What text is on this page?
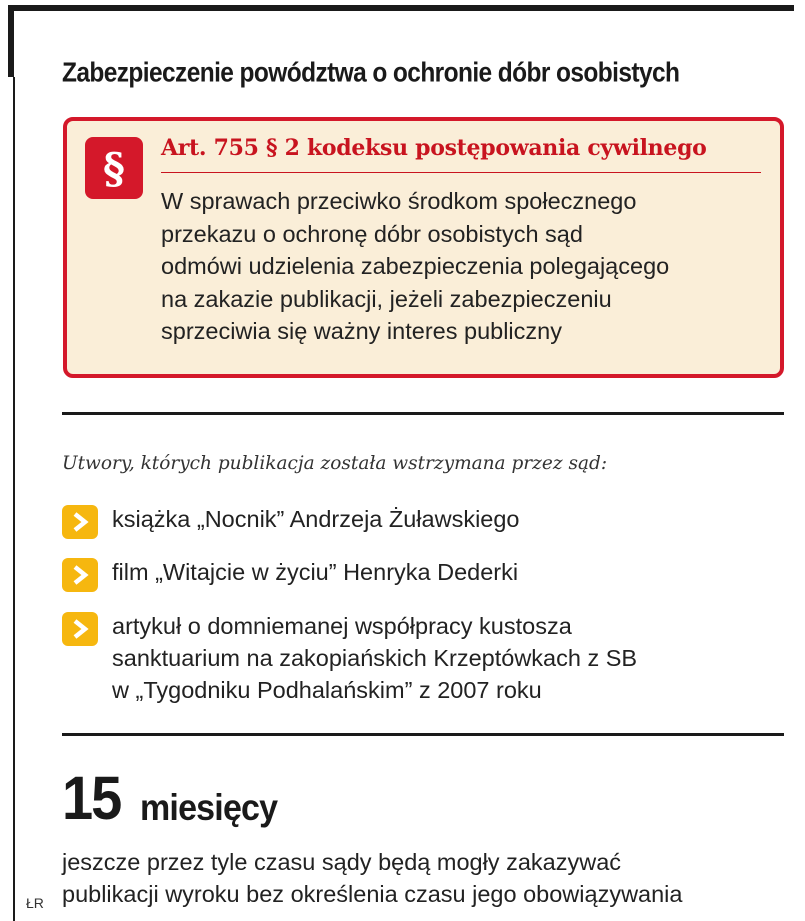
Zabezpieczenie powództwa o ochronie dóbr osobistych
§	Art. 755 § 2 kodeksu postępowania cywilnego
W sprawach przeciwko środkom społecznego
przekazu o ochronę dóbr osobistych sąd
odmówi udzielenia zabezpieczenia polegającego
na zakazie publikacji, jeżeli zabezpieczeniu
sprzeciwia się ważny interes publiczny
Utwory, których publikacja została wstrzymana przez sąd:
książka „Nocnik” Andrzeja Żuławskiego
film „Witajcie w życiu” Henryka Dederki
artykuł o domniemanej współpracy kustosza
sanktuarium na zakopiańskich Krzeptówkach z SB
w „Tygodniku Podhalańskim” z 2007 roku
15 miesięcy
jeszcze przez tyle czasu sądy będą mogły zakazywać
publikacji wyroku bez określenia czasu jego obowiązywania
ŁR
